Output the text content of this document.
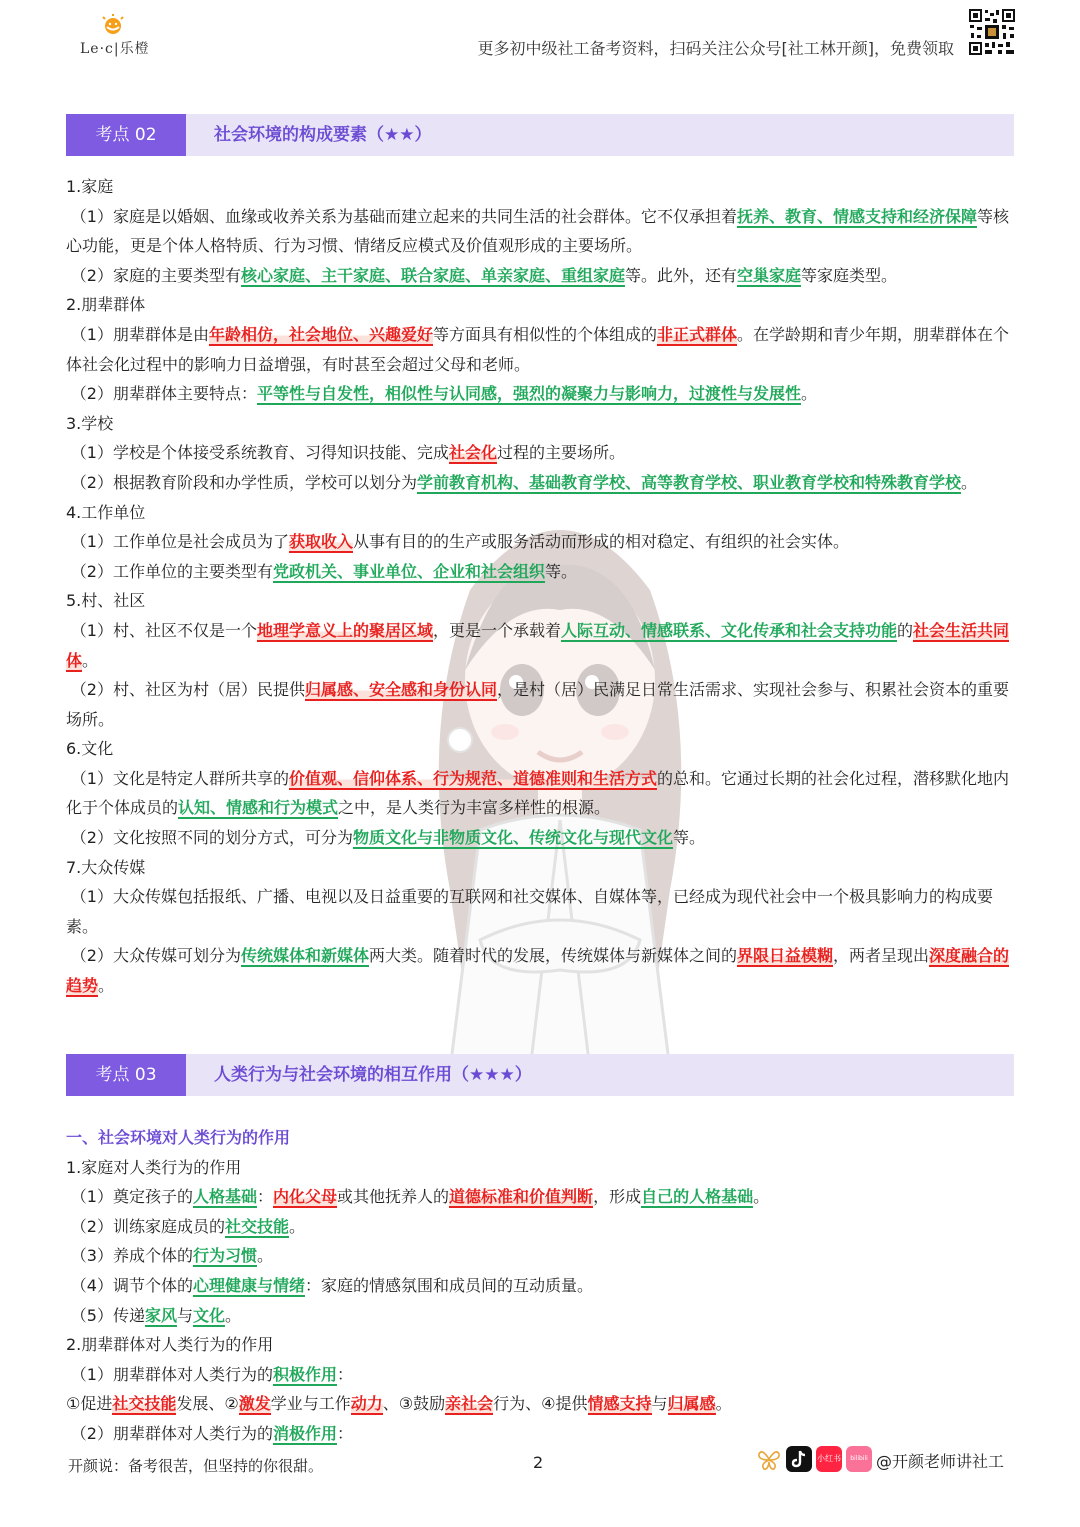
Le·c|乐橙	更多初中级社工备考资料，扫码关注公众号[社工林开颜]，免费领取
考点 02	社会环境的构成要素（★★）

1.家庭

（1）家庭是以婚姻、血缘或收养关系为基础而建立起来的共同生活的社会群体。它不仅承担着抚养、教育、情感支持和经济保障等核心功能，更是个体人格特质、行为习惯、情绪反应模式及价值观形成的主要场所。

（2）家庭的主要类型有核心家庭、主干家庭、联合家庭、单亲家庭、重组家庭等。此外，还有空巢家庭等家庭类型。

2.朋辈群体

（1）朋辈群体是由年龄相仿，社会地位、兴趣爱好等方面具有相似性的个体组成的非正式群体。在学龄期和青少年期，朋辈群体在个体社会化过程中的影响力日益增强，有时甚至会超过父母和老师。

（2）朋辈群体主要特点：平等性与自发性，相似性与认同感，强烈的凝聚力与影响力，过渡性与发展性。

3.学校

（1）学校是个体接受系统教育、习得知识技能、完成社会化过程的主要场所。

（2）根据教育阶段和办学性质，学校可以划分为学前教育机构、基础教育学校、高等教育学校、职业教育学校和特殊教育学校。

4.工作单位

（1）工作单位是社会成员为了获取收入从事有目的的生产或服务活动而形成的相对稳定、有组织的社会实体。

（2）工作单位的主要类型有党政机关、事业单位、企业和社会组织等。

5.村、社区

（1）村、社区不仅是一个地理学意义上的聚居区域，更是一个承载着人际互动、情感联系、文化传承和社会支持功能的社会生活共同体。

（2）村、社区为村（居）民提供归属感、安全感和身份认同，是村（居）民满足日常生活需求、实现社会参与、积累社会资本的重要场所。

6.文化

（1）文化是特定人群所共享的价值观、信仰体系、行为规范、道德准则和生活方式的总和。它通过长期的社会化过程，潜移默化地内化于个体成员的认知、情感和行为模式之中，是人类行为丰富多样性的根源。

（2）文化按照不同的划分方式，可分为物质文化与非物质文化、传统文化与现代文化等。

7.大众传媒

（1）大众传媒包括报纸、广播、电视以及日益重要的互联网和社交媒体、自媒体等，已经成为现代社会中一个极具影响力的构成要素。

（2）大众传媒可划分为传统媒体和新媒体两大类。随着时代的发展，传统媒体与新媒体之间的界限日益模糊，两者呈现出深度融合的趋势。

考点 03	人类行为与社会环境的相互作用（★★★）

一、社会环境对人类行为的作用

1.家庭对人类行为的作用

（1）奠定孩子的人格基础：内化父母或其他抚养人的道德标准和价值判断，形成自己的人格基础。

（2）训练家庭成员的社交技能。

（3）养成个体的行为习惯。

（4）调节个体的心理健康与情绪：家庭的情感氛围和成员间的互动质量。

（5）传递家风与文化。

2.朋辈群体对人类行为的作用

（1）朋辈群体对人类行为的积极作用：

①促进社交技能发展、②激发学业与工作动力、③鼓励亲社会行为、④提供情感支持与归属感。

（2）朋辈群体对人类行为的消极作用：

开颜说：备考很苦，但坚持的你很甜。	2	小红书	bilibili @开颜老师讲社工
